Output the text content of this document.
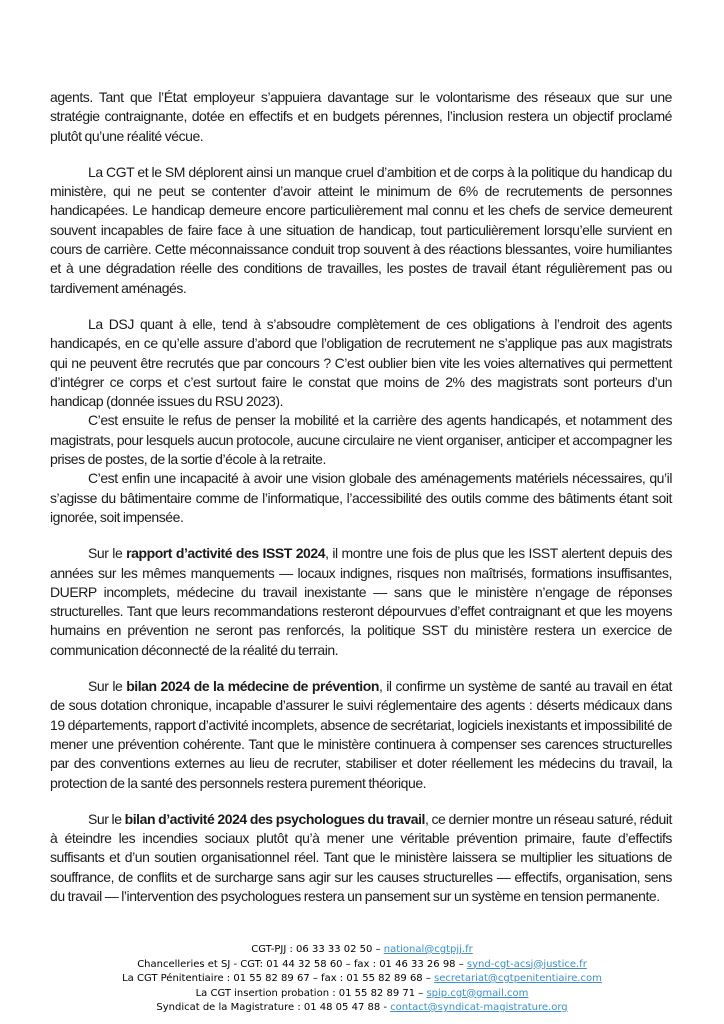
agents. Tant que l’État employeur s’appuiera davantage sur le volontarisme des réseaux que sur une stratégie contraignante, dotée en effectifs et en budgets pérennes, l’inclusion restera un objectif proclamé plutôt qu’une réalité vécue.

La CGT et le SM déplorent ainsi un manque cruel d’ambition et de corps à la politique du handicap du ministère, qui ne peut se contenter d’avoir atteint le minimum de 6% de recrutements de personnes handicapées. Le handicap demeure encore particulièrement mal connu et les chefs de service demeurent souvent incapables de faire face à une situation de handicap, tout particulièrement lorsqu’elle survient en cours de carrière. Cette méconnaissance conduit trop souvent à des réactions blessantes, voire humiliantes et à une dégradation réelle des conditions de travailles, les postes de travail étant régulièrement pas ou tardivement aménagés.

La DSJ quant à elle, tend à s’absoudre complètement de ces obligations à l’endroit des agents handicapés, en ce qu’elle assure d’abord que l’obligation de recrutement ne s’applique pas aux magistrats qui ne peuvent être recrutés que par concours ? C’est oublier bien vite les voies alternatives qui permettent d’intégrer ce corps et c’est surtout faire le constat que moins de 2% des magistrats sont porteurs d’un handicap (donnée issues du RSU 2023).

C’est ensuite le refus de penser la mobilité et la carrière des agents handicapés, et notamment des magistrats, pour lesquels aucun protocole, aucune circulaire ne vient organiser, anticiper et accompagner les prises de postes, de la sortie d’école à la retraite.

C’est enfin une incapacité à avoir une vision globale des aménagements matériels nécessaires, qu’il s’agisse du bâtimentaire comme de l’informatique, l’accessibilité des outils comme des bâtiments étant soit ignorée, soit impensée.

Sur le rapport d’activité des ISST 2024, il montre une fois de plus que les ISST alertent depuis des années sur les mêmes manquements — locaux indignes, risques non maîtrisés, formations insuffisantes, DUERP incomplets, médecine du travail inexistante — sans que le ministère n’engage de réponses structurelles. Tant que leurs recommandations resteront dépourvues d’effet contraignant et que les moyens humains en prévention ne seront pas renforcés, la politique SST du ministère restera un exercice de communication déconnecté de la réalité du terrain.

Sur le bilan 2024 de la médecine de prévention, il confirme un système de santé au travail en état de sous dotation chronique, incapable d’assurer le suivi réglementaire des agents : déserts médicaux dans 19 départements, rapport d’activité incomplets, absence de secrétariat, logiciels inexistants et impossibilité de mener une prévention cohérente. Tant que le ministère continuera à compenser ses carences structurelles par des conventions externes au lieu de recruter, stabiliser et doter réellement les médecins du travail, la protection de la santé des personnels restera purement théorique.

Sur le bilan d’activité 2024 des psychologues du travail, ce dernier montre un réseau saturé, réduit à éteindre les incendies sociaux plutôt qu’à mener une véritable prévention primaire, faute d’effectifs suffisants et d’un soutien organisationnel réel. Tant que le ministère laissera se multiplier les situations de souffrance, de conflits et de surcharge sans agir sur les causes structurelles — effectifs, organisation, sens du travail — l’intervention des psychologues restera un pansement sur un système en tension permanente.

CGT-PJJ : 06 33 33 02 50 – national@cgtpjj.fr
Chancelleries et SJ - CGT: 01 44 32 58 60 – fax : 01 46 33 26 98 – synd-cgt-acsj@justice.fr
La CGT Pénitentiaire : 01 55 82 89 67 – fax : 01 55 82 89 68 – secretariat@cgtpenitentiaire.com
La CGT insertion probation : 01 55 82 89 71 – spip.cgt@gmail.com
Syndicat de la Magistrature : 01 48 05 47 88 - contact@syndicat-magistrature.org
